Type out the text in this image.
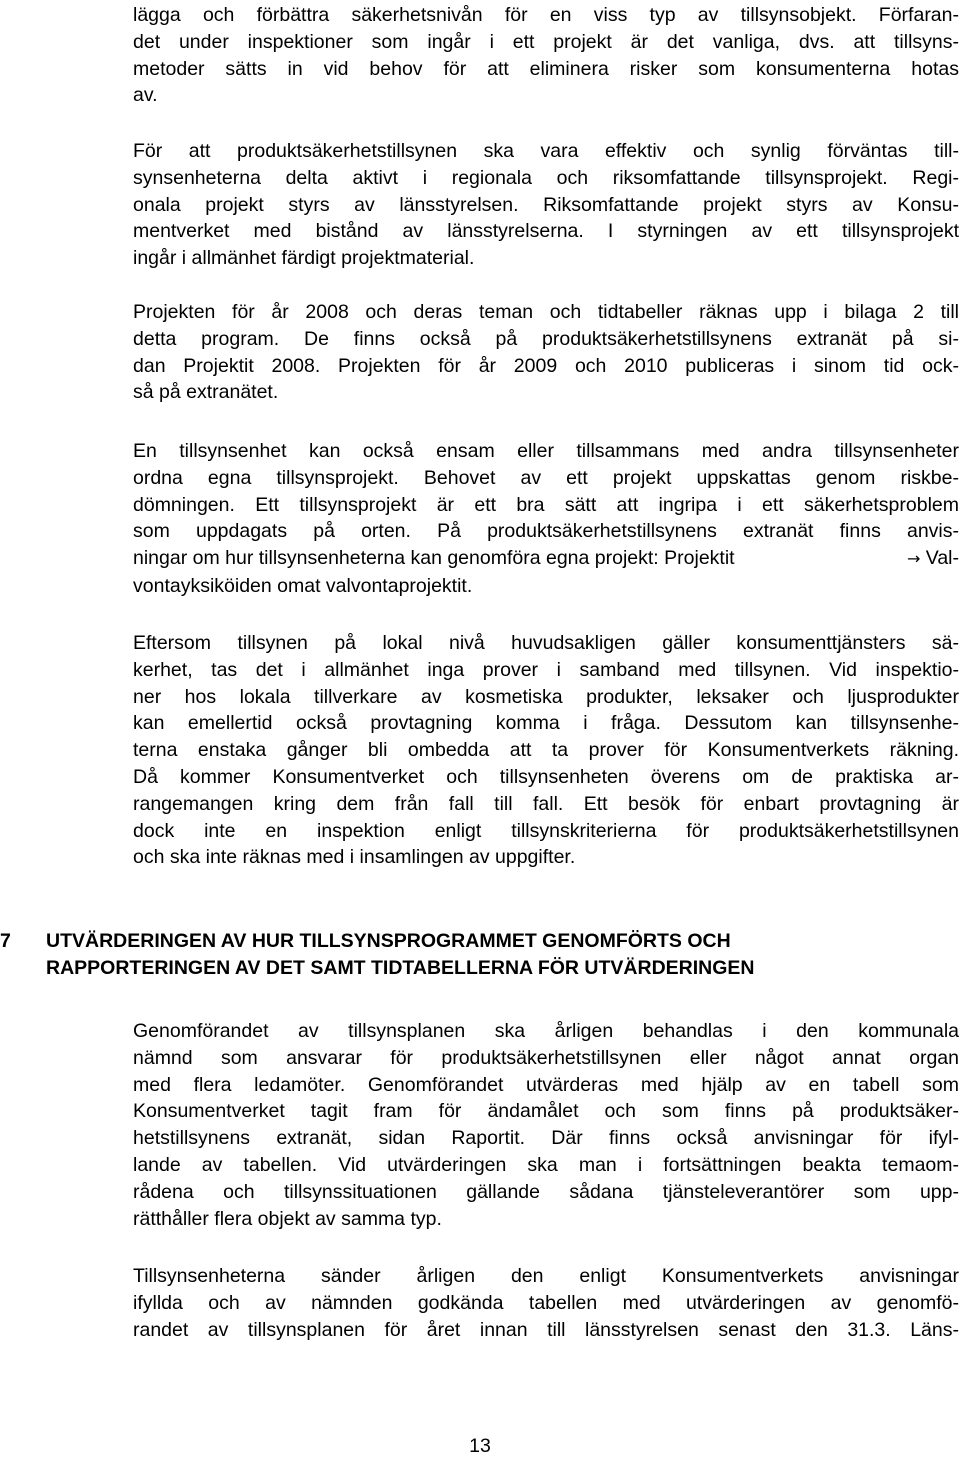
lägga och förbättra säkerhetsnivån för en viss typ av tillsynsobjekt. Förfaran-
det under inspektioner som ingår i ett projekt är det vanliga, dvs. att tillsyns-
metoder sätts in vid behov för att eliminera risker som konsumenterna hotas
av.
För att produktsäkerhetstillsynen ska vara effektiv och synlig förväntas till-
synsenheterna delta aktivt i regionala och riksomfattande tillsynsprojekt. Regi-
onala projekt styrs av länsstyrelsen. Riksomfattande projekt styrs av Konsu-
mentverket med bistånd av länsstyrelserna. I styrningen av ett tillsynsprojekt
ingår i allmänhet färdigt projektmaterial.
Projekten för år 2008 och deras teman och tidtabeller räknas upp i bilaga 2 till
detta program. De finns också på produktsäkerhetstillsynens extranät på si-
dan Projektit 2008. Projekten för år 2009 och 2010 publiceras i sinom tid ock-
så på extranätet.
En tillsynsenhet kan också ensam eller tillsammans med andra tillsynsenheter
ordna egna tillsynsprojekt. Behovet av ett projekt uppskattas genom riskbe-
dömningen. Ett tillsynsprojekt är ett bra sätt att ingripa i ett säkerhetsproblem
som uppdagats på orten. På produktsäkerhetstillsynens extranät finns anvis-
ningar om hur tillsynsenheterna kan genomföra egna projekt: Projektit	→ Val-
vontayksiköiden omat valvontaprojektit.
Eftersom tillsynen på lokal nivå huvudsakligen gäller konsumenttjänsters sä-
kerhet, tas det i allmänhet inga prover i samband med tillsynen. Vid inspektio-
ner hos lokala tillverkare av kosmetiska produkter, leksaker och ljusprodukter
kan emellertid också provtagning komma i fråga. Dessutom kan tillsynsenhe-
terna enstaka gånger bli ombedda att ta prover för Konsumentverkets räkning.
Då kommer Konsumentverket och tillsynsenheten överens om de praktiska ar-
rangemangen kring dem från fall till fall. Ett besök för enbart provtagning är
dock inte en inspektion enligt tillsynskriterierna för produktsäkerhetstillsynen
och ska inte räknas med i insamlingen av uppgifter.
7 UTVÄRDERINGEN AV HUR TILLSYNSPROGRAMMET GENOMFÖRTS OCH
RAPPORTERINGEN AV DET SAMT TIDTABELLERNA FÖR UTVÄRDERINGEN
Genomförandet av tillsynsplanen ska årligen behandlas i den kommunala
nämnd som ansvarar för produktsäkerhetstillsynen eller något annat organ
med flera ledamöter. Genomförandet utvärderas med hjälp av en tabell som
Konsumentverket tagit fram för ändamålet och som finns på produktsäker-
hetstillsynens extranät, sidan Raportit. Där finns också anvisningar för ifyl-
lande av tabellen. Vid utvärderingen ska man i fortsättningen beakta temaom-
rådena och tillsynssituationen gällande sådana tjänsteleverantörer som upp-
rätthåller flera objekt av samma typ.
Tillsynsenheterna sänder årligen den enligt Konsumentverkets anvisningar
ifyllda och av nämnden godkända tabellen med utvärderingen av genomfö-
randet av tillsynsplanen för året innan till länsstyrelsen senast den 31.3. Läns-
13
